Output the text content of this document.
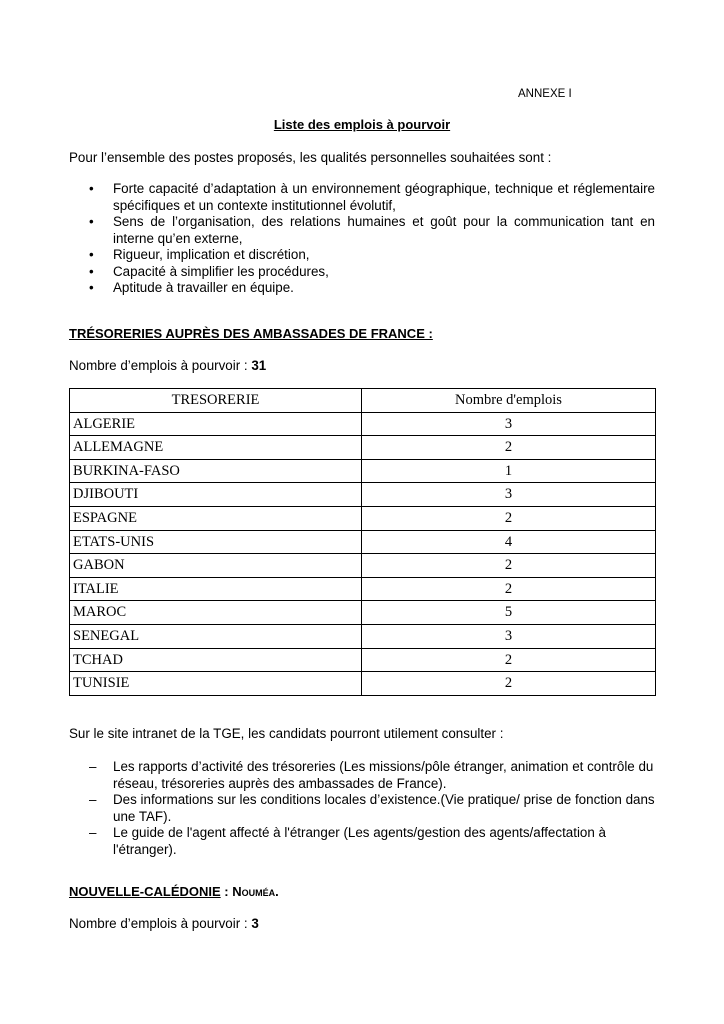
ANNEXE I
Liste des emplois à pourvoir
Pour l’ensemble des postes proposés, les qualités personnelles souhaitées sont :
• Forte capacité d’adaptation à un environnement géographique, technique et réglementaire spécifiques et un contexte institutionnel évolutif,
• Sens de l’organisation, des relations humaines et goût pour la communication tant en interne qu’en externe,
• Rigueur, implication et discrétion,
• Capacité à simplifier les procédures,
• Aptitude à travailler en équipe.
TRÉSORERIES AUPRÈS DES AMBASSADES DE FRANCE :
Nombre d’emplois à pourvoir : 31
TRESORERIE	Nombre d'emplois
ALGERIE	3
ALLEMAGNE	2
BURKINA-FASO	1
DJIBOUTI	3
ESPAGNE	2
ETATS-UNIS	4
GABON	2
ITALIE	2
MAROC	5
SENEGAL	3
TCHAD	2
TUNISIE	2
Sur le site intranet de la TGE, les candidats pourront utilement consulter :
– Les rapports d’activité des trésoreries (Les missions/pôle étranger, animation et contrôle du réseau, trésoreries auprès des ambassades de France).
– Des informations sur les conditions locales d’existence.(Vie pratique/ prise de fonction dans une TAF).
– Le guide de l'agent affecté à l'étranger (Les agents/gestion des agents/affectation à l'étranger).
NOUVELLE-CALÉDONIE : Nouméa.
Nombre d’emplois à pourvoir : 3
